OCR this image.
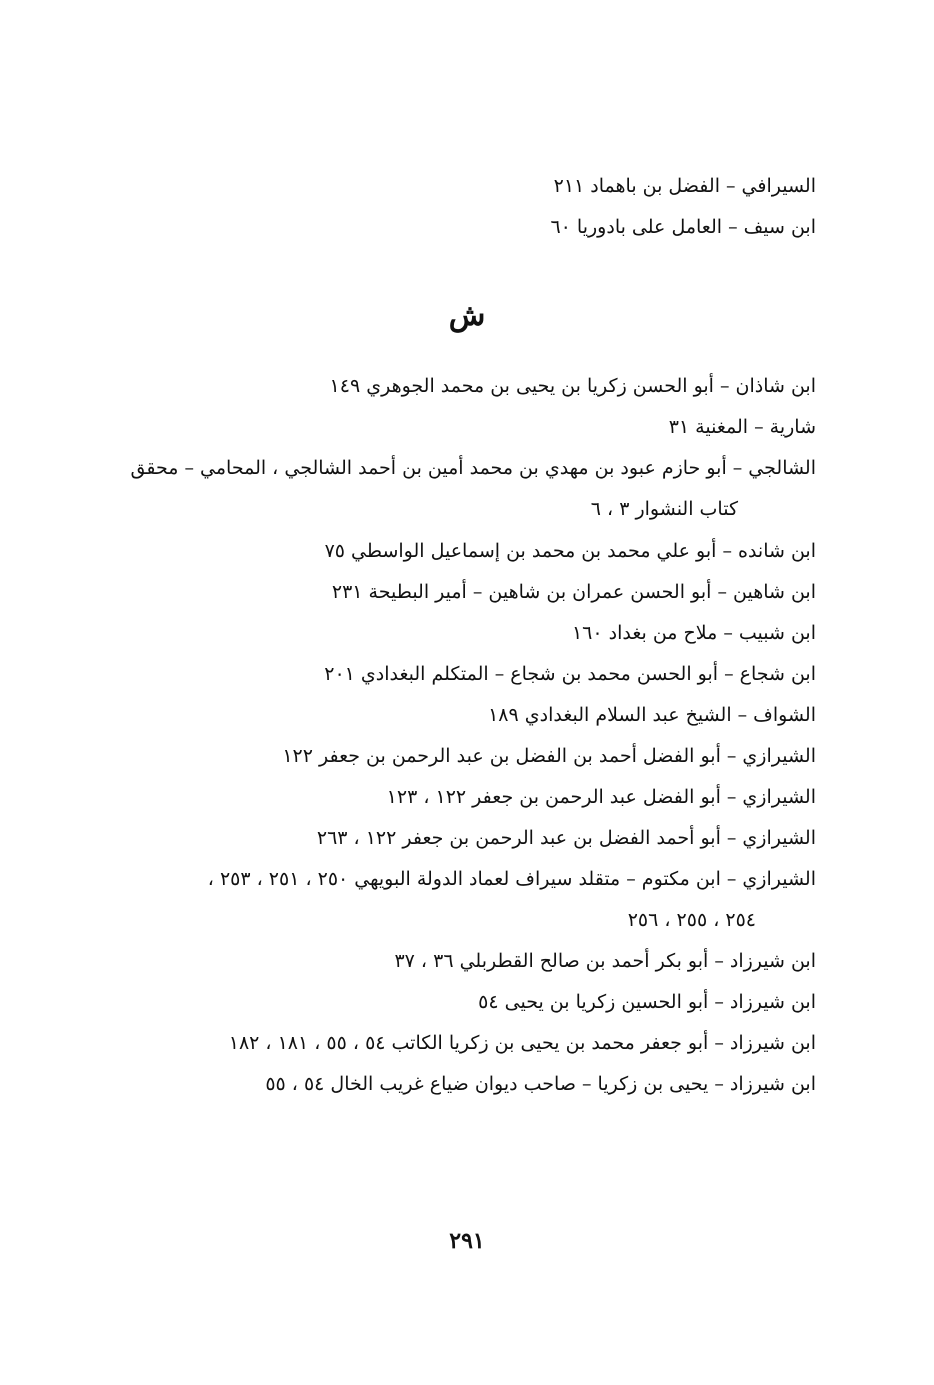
السيرافي – الفضل بن باهماد ٢١١
ابن سيف – العامل على بادوريا ٦٠
ش
ابن شاذان – أبو الحسن زكريا بن يحيى بن محمد الجوهري ١٤٩
شارية – المغنية ٣١
الشالجي – أبو حازم عبود بن مهدي بن محمد أمين بن أحمد الشالجي ، المحامي – محقق
كتاب النشوار ٣ ، ٦
ابن شانده – أبو علي محمد بن محمد بن إسماعيل الواسطي ٧٥
ابن شاهين – أبو الحسن عمران بن شاهين – أمير البطيحة ٢٣١
ابن شبيب – ملاح من بغداد ١٦٠
ابن شجاع – أبو الحسن محمد بن شجاع – المتكلم البغدادي ٢٠١
الشواف – الشيخ عبد السلام البغدادي ١٨٩
الشيرازي – أبو الفضل أحمد بن الفضل بن عبد الرحمن بن جعفر ١٢٢
الشيرازي – أبو الفضل عبد الرحمن بن جعفر ١٢٢ ، ١٢٣
الشيرازي – أبو أحمد الفضل بن عبد الرحمن بن جعفر ١٢٢ ، ٢٦٣
الشيرازي – ابن مكتوم – متقلد سيراف لعماد الدولة البويهي ٢٥٠ ، ٢٥١ ، ٢٥٣ ،
٢٥٤ ، ٢٥٥ ، ٢٥٦
ابن شيرزاد – أبو بكر أحمد بن صالح القطربلي ٣٦ ، ٣٧
ابن شيرزاد – أبو الحسين زكريا بن يحيى ٥٤
ابن شيرزاد – أبو جعفر محمد بن يحيى بن زكريا الكاتب ٥٤ ، ٥٥ ، ١٨١ ، ١٨٢
ابن شيرزاد – يحيى بن زكريا – صاحب ديوان ضياع غريب الخال ٥٤ ، ٥٥
٢٩١
